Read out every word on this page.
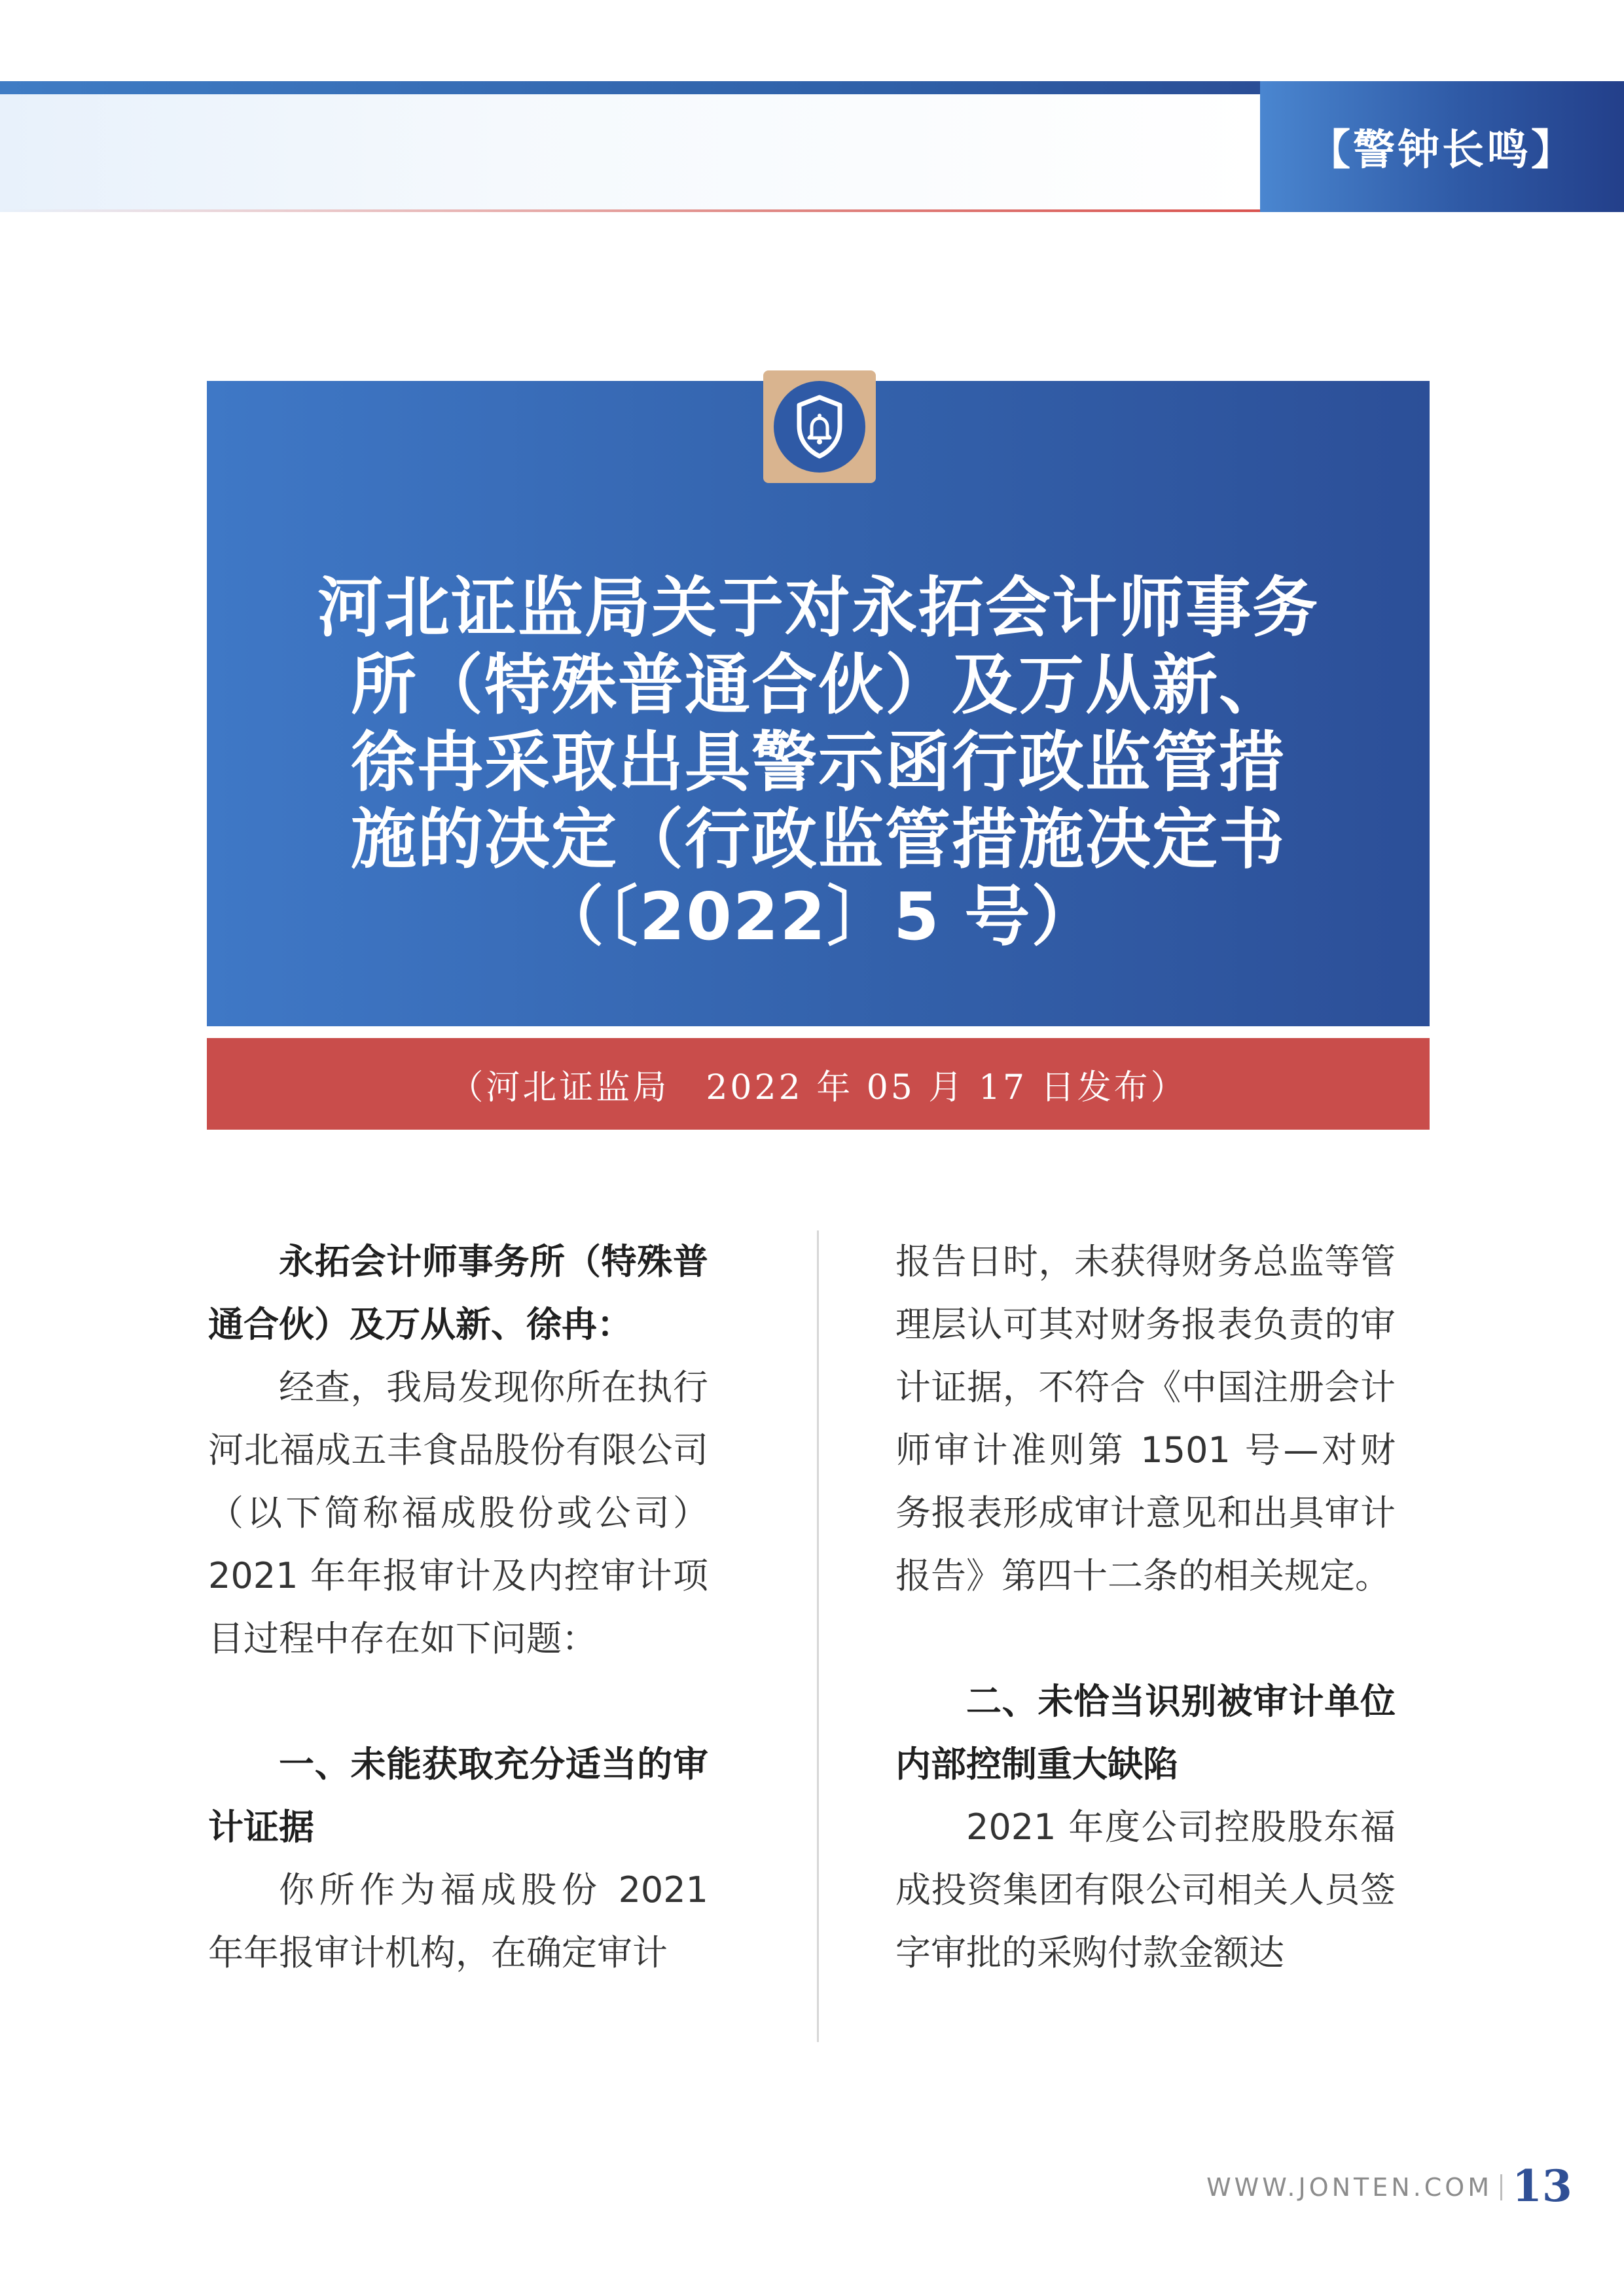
【警钟长鸣】
河北证监局关于对永拓会计师事务
所（特殊普通合伙）及万从新、
徐冉采取出具警示函行政监管措
施的决定（行政监管措施决定书
（〔2022〕5 号）
（河北证监局　2022 年 05 月 17 日发布）

永拓会计师事务所（特殊普通合伙）及万从新、徐冉：

经查，我局发现你所在执行河北福成五丰食品股份有限公司（以下简称福成股份或公司）2021 年年报审计及内控审计项目过程中存在如下问题：

一、未能获取充分适当的审计证据

你所作为福成股份 2021 年年报审计机构，在确定审计

报告日时，未获得财务总监等管理层认可其对财务报表负责的审计证据，不符合《中国注册会计师审计准则第 1501 号—对财务报表形成审计意见和出具审计报告》第四十二条的相关规定。

二、未恰当识别被审计单位内部控制重大缺陷

2021 年度公司控股股东福成投资集团有限公司相关人员签字审批的采购付款金额达

WWW.JONTEN.COM 13
